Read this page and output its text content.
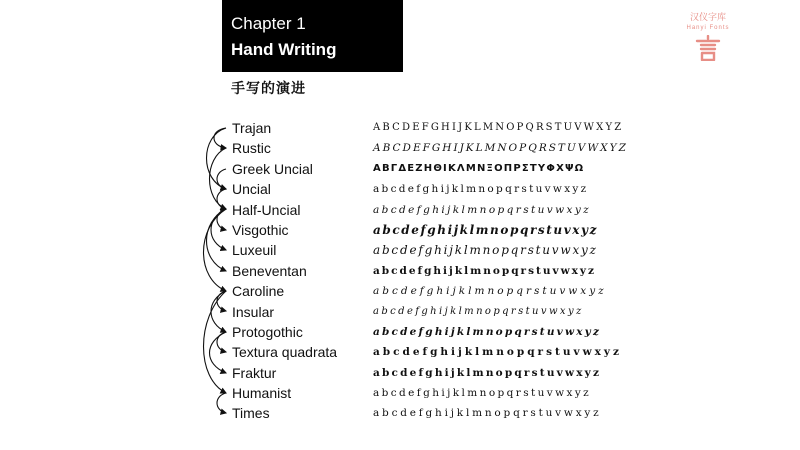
Chapter 1
Hand Writing
手写的演进
汉仪字库
Hanyi Fonts
Trajan
Rustic
Greek Uncial
Uncial
Half-Uncial
Visgothic
Luxeuil
Beneventan
Caroline
Insular
Protogothic
Textura quadrata
Fraktur
Humanist
Times
ABCDEFGHIJKLMNOPQRSTUVWXYZ
ABCDEFGHIJKLMNOPQRSTUVWXYZ
ΑΒΓΔΕΖΗΘΙΚΛΜΝΞΟΠΡΣΤΥΦΧΨΩ
abcdefghijklmnopqrstuvwxyz
abcdefghijklmnopqrstuvwxyz
abcdefghijklmnopqrstuvxyz
abcdefghijklmnopqrstuvwxyz
abcdefghijklmnopqrstuvwxyz
abcdefghijklmnopqrstuvwxyz
abcdefghijklmnopqrstuvwxyz
abcdefghijklmnopqrstuvwxyz
abcdefghijklmnopqrstuvwxyz
abcdefghijklmnopqrstuvwxyz
abcdefghijklmnopqrstuvwxyz
abcdefghijklmnopqrstuvwxyz
